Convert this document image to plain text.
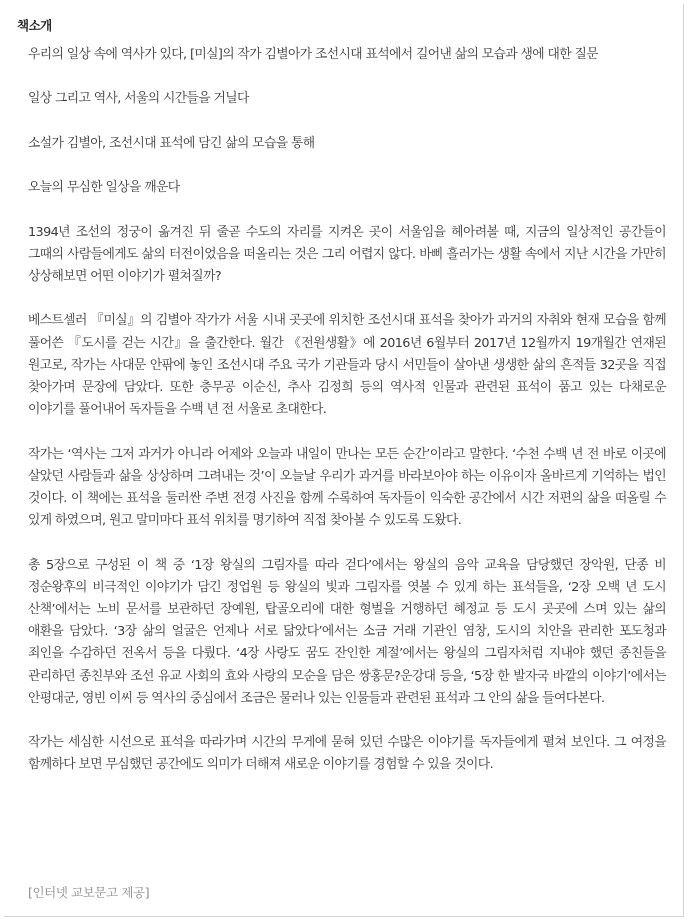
책소개

우리의 일상 속에 역사가 있다, [미실]의 작가 김별아가 조선시대 표석에서 길어낸 삶의 모습과 생에 대한 질문

일상 그리고 역사, 서울의 시간들을 거닐다

소설가 김별아, 조선시대 표석에 담긴 삶의 모습을 통해

오늘의 무심한 일상을 깨운다

1394년 조선의 정궁이 옮겨진 뒤 줄곧 수도의 자리를 지켜온 곳이 서울임을 헤아려볼 때, 지금의 일상적인 공간들이 그때의 사람들에게도 삶의 터전이었음을 떠올리는 것은 그리 어렵지 않다. 바삐 흘러가는 생활 속에서 지난 시간을 가만히 상상해보면 어떤 이야기가 펼쳐질까?

베스트셀러 『미실』의 김별아 작가가 서울 시내 곳곳에 위치한 조선시대 표석을 찾아가 과거의 자취와 현재 모습을 함께 풀어쓴 『도시를 걷는 시간』을 출간한다. 월간 《전원생활》에 2016년 6월부터 2017년 12월까지 19개월간 연재된 원고로, 작가는 사대문 안팎에 놓인 조선시대 주요 국가 기관들과 당시 서민들이 살아낸 생생한 삶의 흔적들 32곳을 직접 찾아가며 문장에 담았다. 또한 충무공 이순신, 추사 김정희 등의 역사적 인물과 관련된 표석이 품고 있는 다채로운 이야기를 풀어내어 독자들을 수백 년 전 서울로 초대한다.

작가는 ‘역사는 그저 과거가 아니라 어제와 오늘과 내일이 만나는 모든 순간’이라고 말한다. ‘수천 수백 년 전 바로 이곳에 살았던 사람들과 삶을 상상하며 그려내는 것’이 오늘날 우리가 과거를 바라보아야 하는 이유이자 올바르게 기억하는 법인 것이다. 이 책에는 표석을 둘러싼 주변 전경 사진을 함께 수록하여 독자들이 익숙한 공간에서 시간 저편의 삶을 떠올릴 수 있게 하였으며, 원고 말미마다 표석 위치를 명기하여 직접 찾아볼 수 있도록 도왔다.

총 5장으로 구성된 이 책 중 ‘1장 왕실의 그림자를 따라 걷다’에서는 왕실의 음악 교육을 담당했던 장악원, 단종 비 정순왕후의 비극적인 이야기가 담긴 정업원 등 왕실의 빛과 그림자를 엿볼 수 있게 하는 표석들을, ‘2장 오백 년 도시 산책’에서는 노비 문서를 보관하던 장예원, 탑골오리에 대한 형벌을 거행하던 혜정교 등 도시 곳곳에 스며 있는 삶의 애환을 담았다. ‘3장 삶의 얼굴은 언제나 서로 닮았다’에서는 소금 거래 기관인 염창, 도시의 치안을 관리한 포도청과 죄인을 수감하던 전옥서 등을 다뤘다. ‘4장 사랑도 꿈도 잔인한 계절’에서는 왕실의 그림자처럼 지내야 했던 종친들을 관리하던 종친부와 조선 유교 사회의 효와 사랑의 모순을 담은 쌍홍문?운강대 등을, ‘5장 한 발자국 바깥의 이야기’에서는 안평대군, 영빈 이씨 등 역사의 중심에서 조금은 물러나 있는 인물들과 관련된 표석과 그 안의 삶을 들여다본다.

작가는 세심한 시선으로 표석을 따라가며 시간의 무게에 묻혀 있던 수많은 이야기를 독자들에게 펼쳐 보인다. 그 여정을 함께하다 보면 무심했던 공간에도 의미가 더해져 새로운 이야기를 경험할 수 있을 것이다.

[인터넷 교보문고 제공]
